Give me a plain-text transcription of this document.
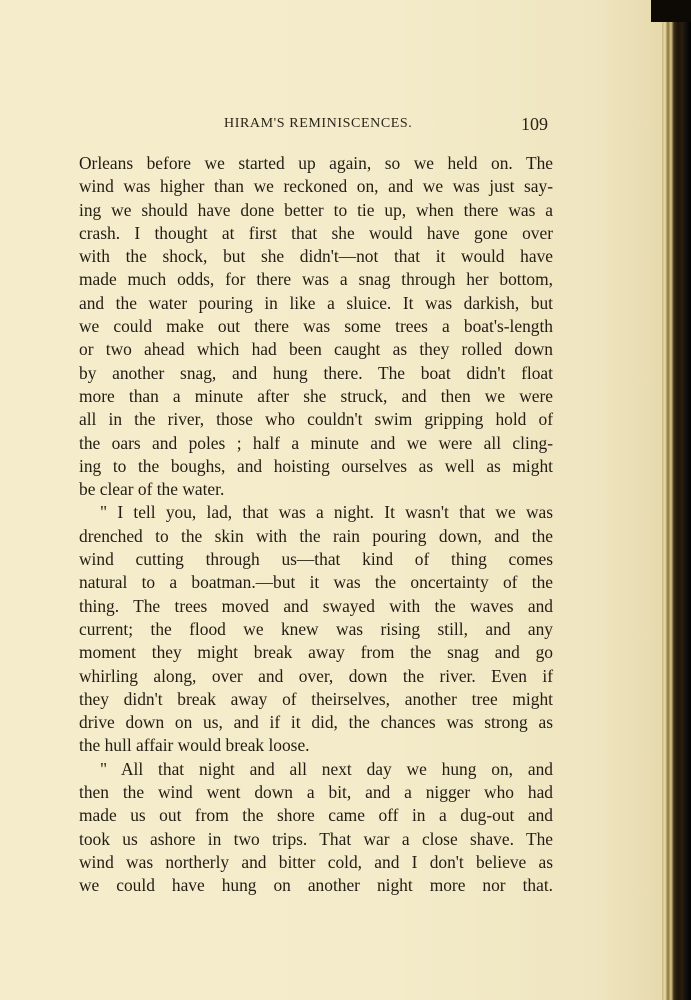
HIRAM'S REMINISCENCES.	109
Orleans before we started up again, so we held on. The
wind was higher than we reckoned on, and we was just say-
ing we should have done better to tie up, when there was a
crash. I thought at first that she would have gone over
with the shock, but she didn't—not that it would have
made much odds, for there was a snag through her bottom,
and the water pouring in like a sluice. It was darkish, but
we could make out there was some trees a boat's-length
or two ahead which had been caught as they rolled down
by another snag, and hung there. The boat didn't float
more than a minute after she struck, and then we were
all in the river, those who couldn't swim gripping hold of
the oars and poles ; half a minute and we were all cling-
ing to the boughs, and hoisting ourselves as well as might
be clear of the water.
" I tell you, lad, that was a night. It wasn't that we was
drenched to the skin with the rain pouring down, and the
wind cutting through us—that kind of thing comes
natural to a boatman.—but it was the oncertainty of the
thing. The trees moved and swayed with the waves and
current; the flood we knew was rising still, and any
moment they might break away from the snag and go
whirling along, over and over, down the river. Even if
they didn't break away of theirselves, another tree might
drive down on us, and if it did, the chances was strong as
the hull affair would break loose.
" All that night and all next day we hung on, and
then the wind went down a bit, and a nigger who had
made us out from the shore came off in a dug-out and
took us ashore in two trips. That war a close shave. The
wind was northerly and bitter cold, and I don't believe as
we could have hung on another night more nor that.
